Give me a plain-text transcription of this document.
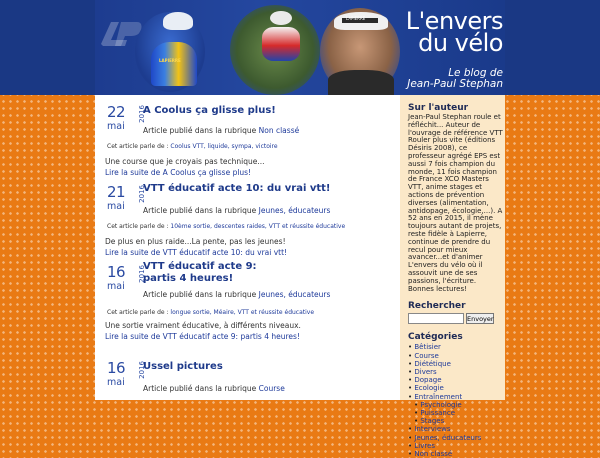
LAPIERRE	L'envers
du vélo
Le blog de
Jean-Paul Stephan
LAPIERRE
22
mai
2016
A Coolus ça glisse plus!
Article publié dans la rubrique Non classé
Cet article parle de : Coolus VTT, liquide, sympa, victoire
Une course que je croyais pas technique...
Lire la suite de A Coolus ça glisse plus!
21
mai
2016
VTT éducatif acte 10: du vrai vtt!
Article publié dans la rubrique Jeunes, éducateurs
Cet article parle de : 10ème sortie, descentes raides, VTT et réussite éducative
De plus en plus raide...La pente, pas les jeunes!
Lire la suite de VTT éducatif acte 10: du vrai vtt!
16
mai
2016
VTT éducatif acte 9: partis 4 heures!
Article publié dans la rubrique Jeunes, éducateurs
Cet article parle de : longue sortie, Méaire, VTT et réussite éducative
Une sortie vraiment éducative, à différents niveaux.
Lire la suite de VTT éducatif acte 9: partis 4 heures!
16
mai
2016
Ussel pictures
Article publié dans la rubrique Course
Sur l'auteur
Jean-Paul Stephan roule et réfléchit... Auteur de l'ouvrage de référence VTT Rouler plus vite (éditions Désiris 2008), ce professeur agrégé EPS est aussi 7 fois champion du monde, 11 fois champion de France XCO Masters VTT, anime stages et actions de prévention diverses (alimentation, antidopage, écologie,...). A 52 ans en 2015, il mène toujours autant de projets, reste fidèle à Lapierre, continue de prendre du recul pour mieux avancer...et d'animer L'envers du vélo où il assouvit une de ses passions, l'écriture. Bonnes lectures!
Rechercher
Envoyer
Catégories
• Bêtisier
• Course
• Diététique
• Divers
• Dopage
• Ecologie
• Entraînement
• Psychologie
• Puissance
• Stages
• Interviews
• Jeunes, éducateurs
• Livres
• Non classé
